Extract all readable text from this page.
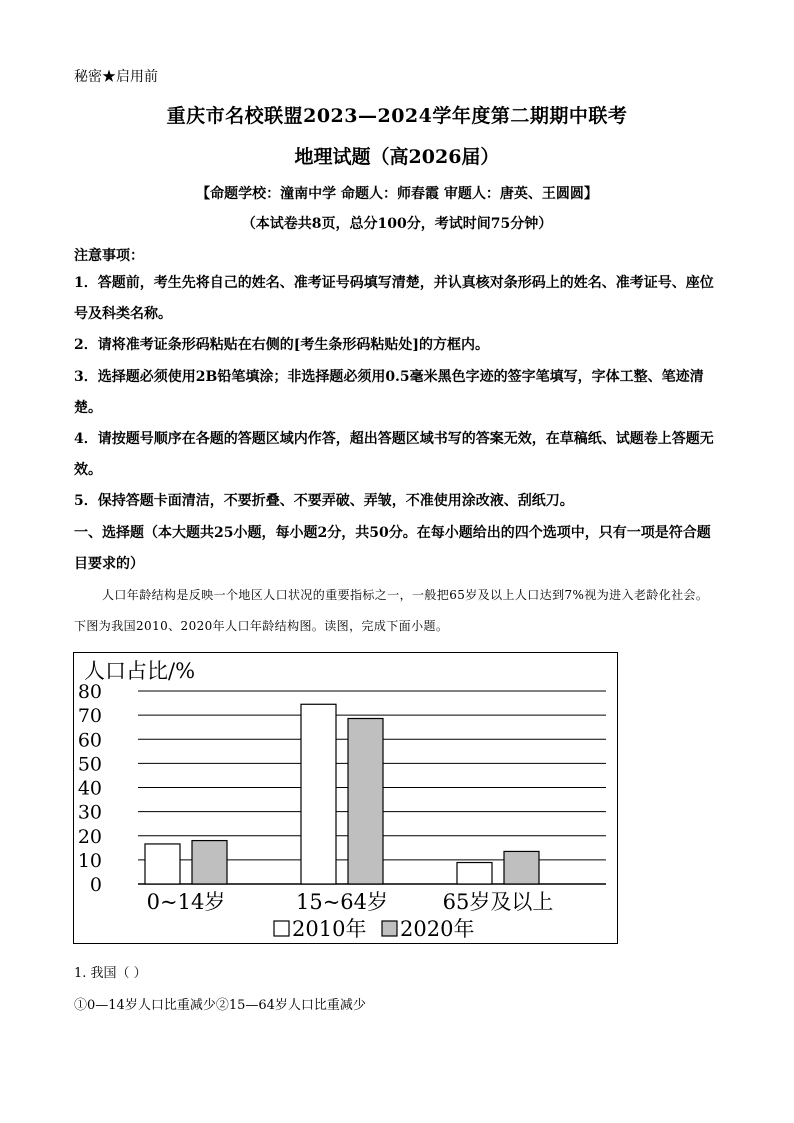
秘密★启用前
重庆市名校联盟2023—2024学年度第二期期中联考
地理试题（高2026届）
【命题学校：潼南中学 命题人：师春霞 审题人：唐英、王圆圆】
（本试卷共8页，总分100分，考试时间75分钟）
注意事项：
1．答题前，考生先将自己的姓名、准考证号码填写清楚，并认真核对条形码上的姓名、准考证号、座位号及科类名称。
2．请将准考证条形码粘贴在右侧的[考生条形码粘贴处]的方框内。
3．选择题必须使用2B铅笔填涂；非选择题必须用0.5毫米黑色字迹的签字笔填写，字体工整、笔迹清楚。
4．请按题号顺序在各题的答题区域内作答，超出答题区域书写的答案无效，在草稿纸、试题卷上答题无效。
5．保持答题卡面清洁，不要折叠、不要弄破、弄皱，不准使用涂改液、刮纸刀。
一、选择题（本大题共25小题，每小题2分，共50分。在每小题给出的四个选项中，只有一项是符合题目要求的）
人口年龄结构是反映一个地区人口状况的重要指标之一，一般把65岁及以上人口达到7%视为进入老龄化社会。下图为我国2010、2020年人口年龄结构图。读图，完成下面小题。
人口占比/%
0
10
20
30
40
50
60
70
80
0~14岁	15~64岁	65岁及以上
2010年 2020年
1. 我国（ ）
①0—14岁人口比重减少②15—64岁人口比重减少
